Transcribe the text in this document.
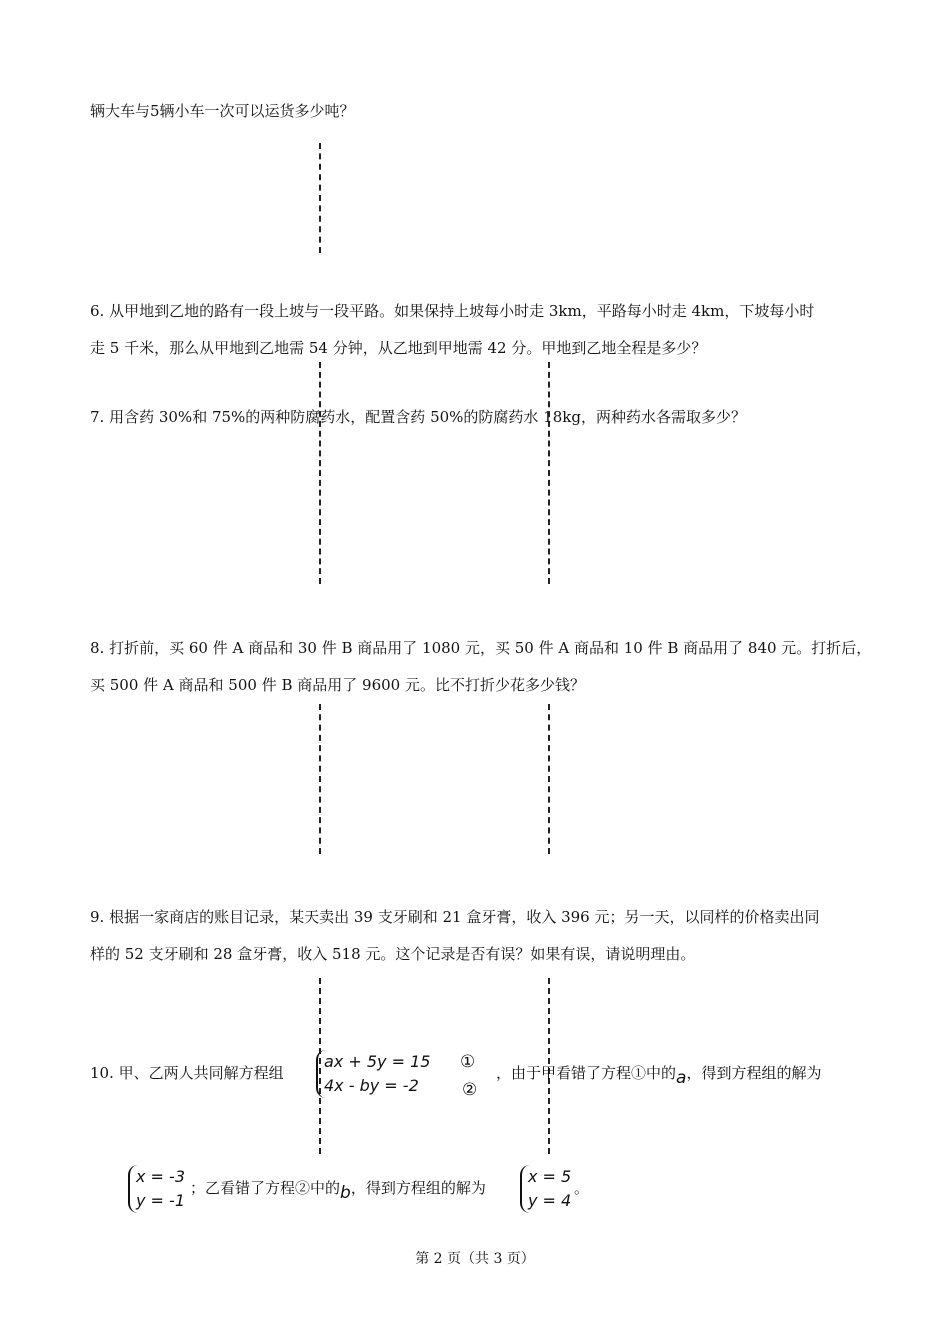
辆大车与5辆小车一次可以运货多少吨？
6. 从甲地到乙地的路有一段上坡与一段平路。如果保持上坡每小时走 3km，平路每小时走 4km，下坡每小时
走 5 千米，那么从甲地到乙地需 54 分钟，从乙地到甲地需 42 分。甲地到乙地全程是多少？
7. 用含药 30%和 75%的两种防腐药水，配置含药 50%的防腐药水 18kg，两种药水各需取多少？
8. 打折前，买 60 件 A 商品和 30 件 B 商品用了 1080 元，买 50 件 A 商品和 10 件 B 商品用了 840 元。打折后，
买 500 件 A 商品和 500 件 B 商品用了 9600 元。比不打折少花多少钱？
9. 根据一家商店的账目记录，某天卖出 39 支牙刷和 21 盒牙膏，收入 396 元；另一天，以同样的价格卖出同
样的 52 支牙刷和 28 盒牙膏，收入 518 元。这个记录是否有误？如果有误，请说明理由。
10. 甲、乙两人共同解方程组
ax + 5y = 15
4x - by = -2
①
②
，由于甲看错了方程①中的a，得到方程组的解为
x = -3
y = -1
；乙看错了方程②中的b，得到方程组的解为
x = 5
y = 4
。
第 2 页（共 3 页）
